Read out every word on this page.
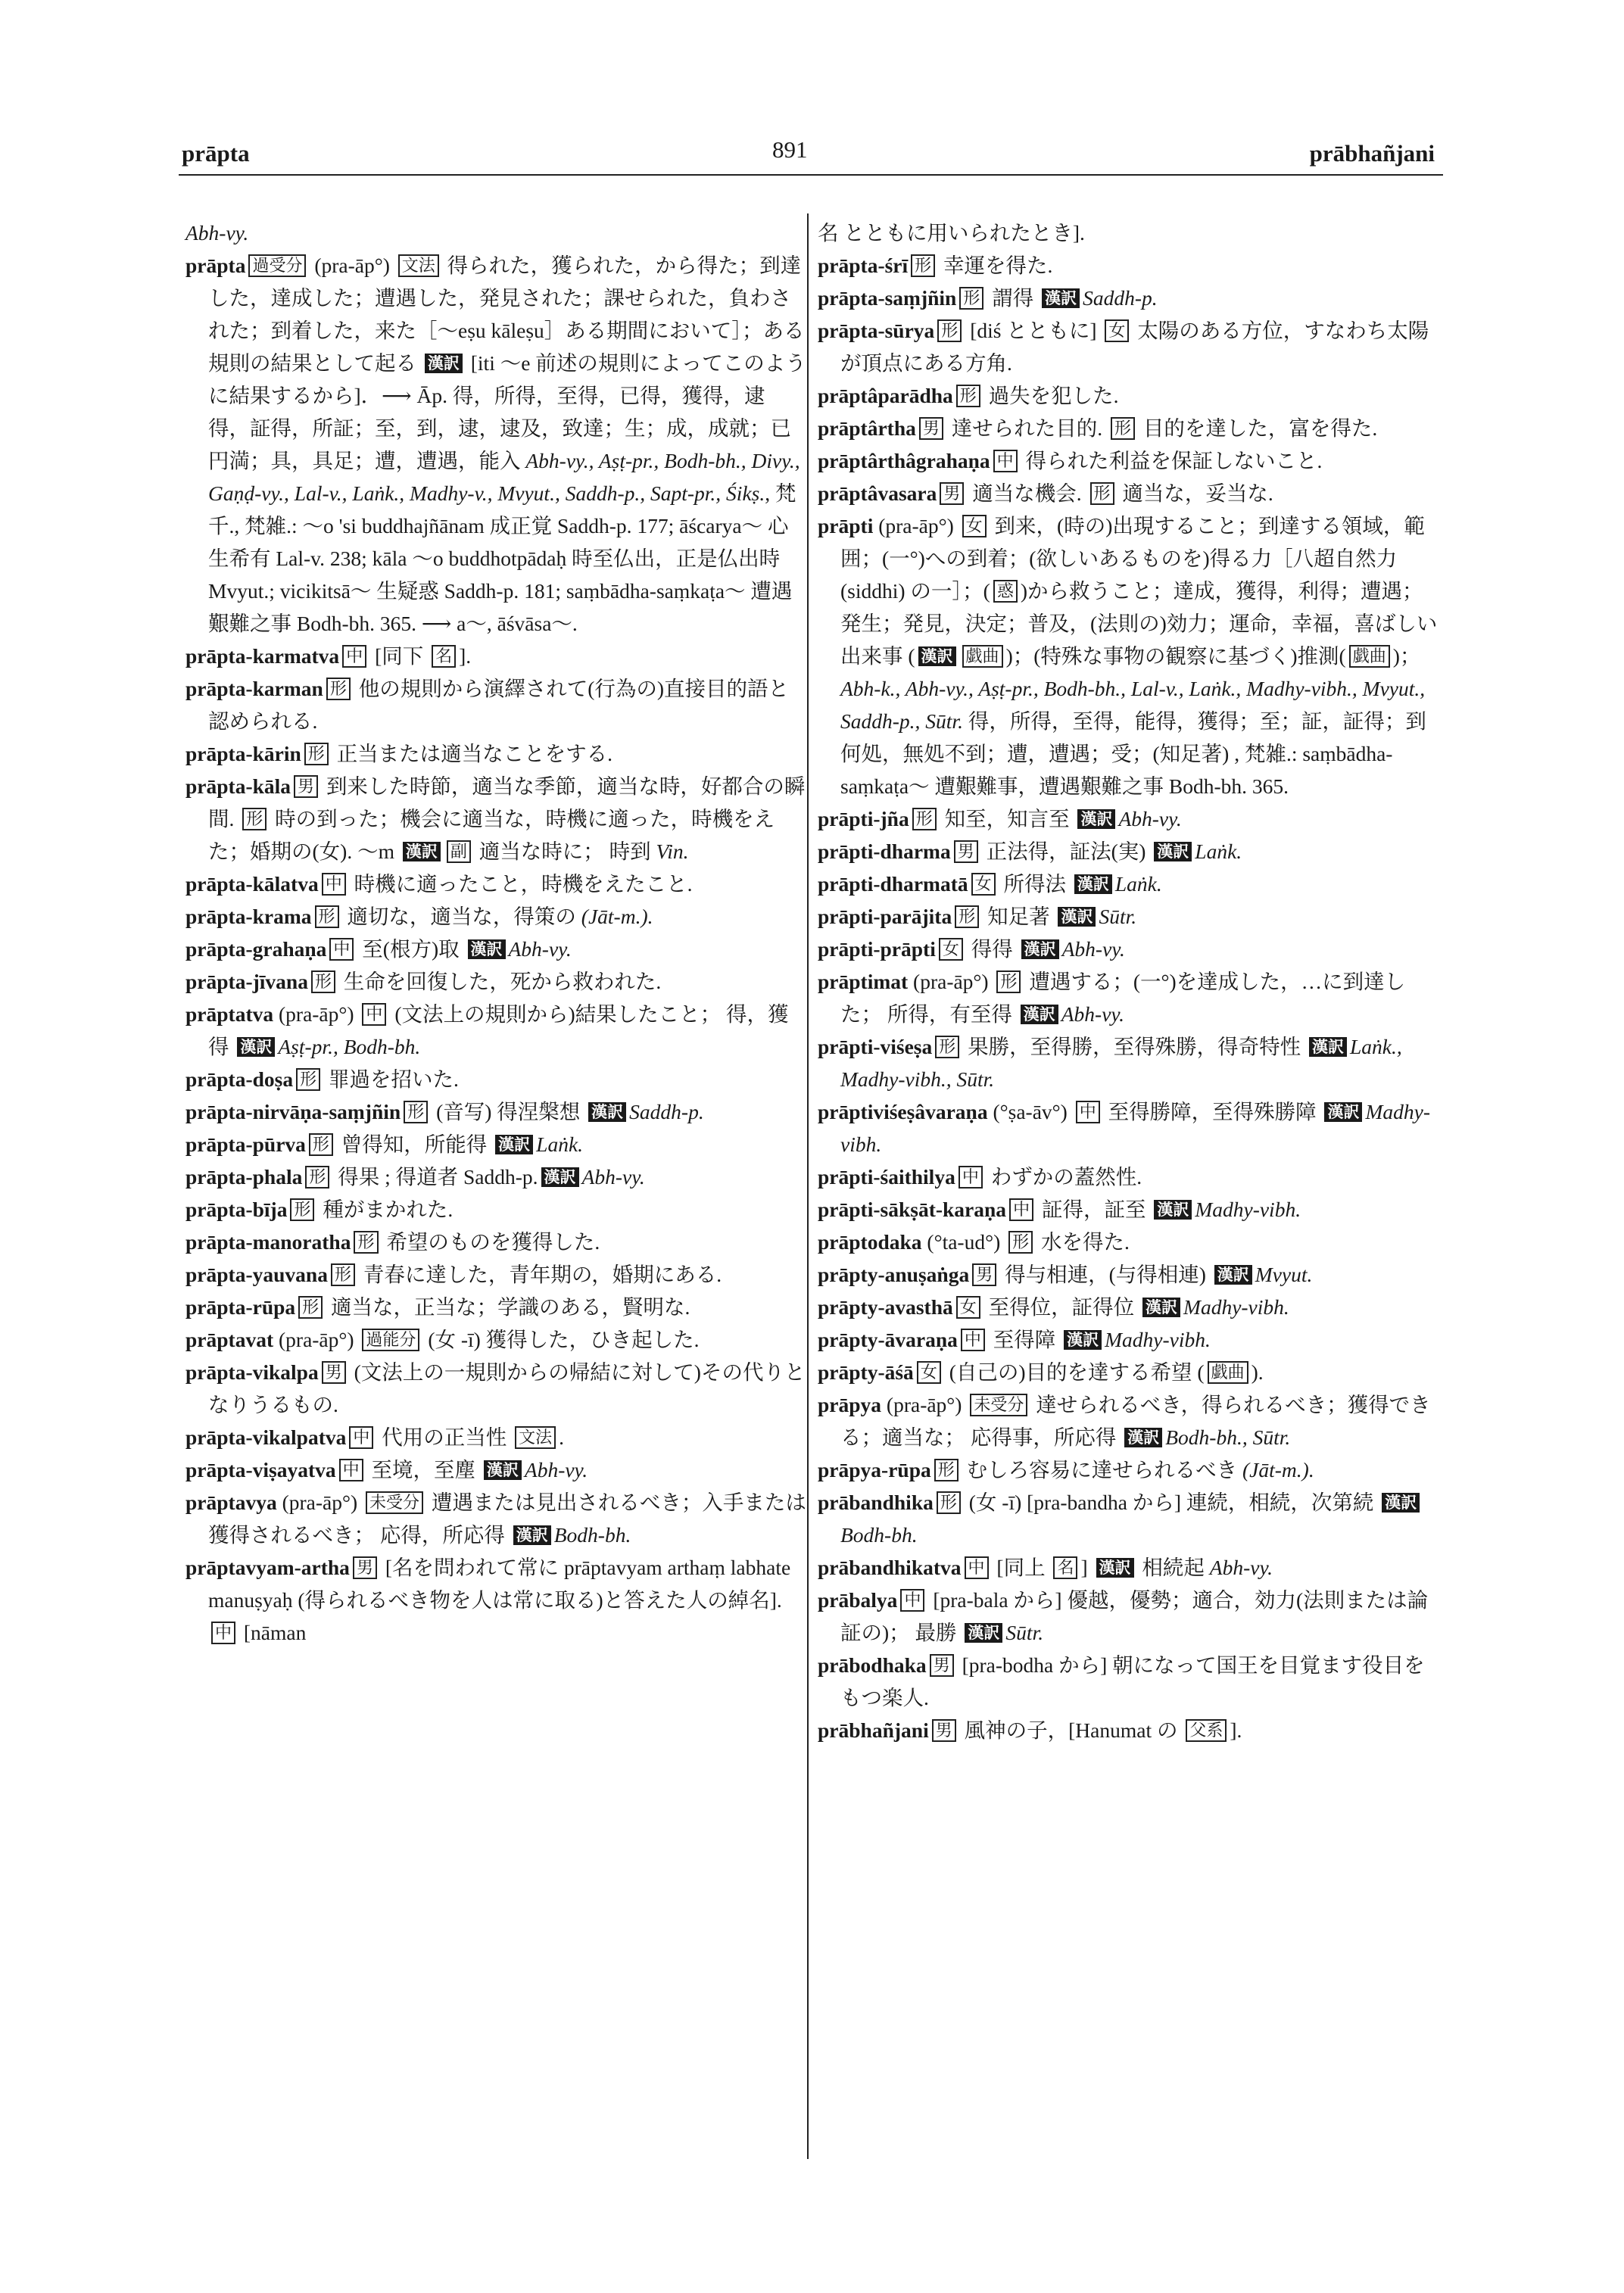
prāpta	891	prābhañjani

Abh-vy.

prāpta 過受分 (pra-āp°) 文法 得られた，獲られた，から得た；到達した，達成した；遭遇した，発見された；課せられた，負わされた；到着した，来た［～eṣu kāleṣu］ある期間において］；ある規則の結果として起る 漢訳 [iti ～e 前述の規則によってこのように結果するから]．⟶ Āp. 得，所得，至得，已得，獲得，逮得，証得，所証；至，到，逮，逮及，致達；生；成，成就；已円満；具，具足；遭，遭遇，能入 Abh-vy., Aṣṭ-pr., Bodh-bh., Divy., Gaṇḍ-vy., Lal-v., Laṅk., Madhy-v., Mvyut., Saddh-p., Sapt-pr., Śikṣ., 梵千., 梵雑.: ～o 'si buddhajñānam 成正覚 Saddh-p. 177; āścarya～ 心生希有 Lal-v. 238; kāla ～o buddhotpādaḥ 時至仏出，正是仏出時 Mvyut.; vicikitsā～ 生疑惑 Saddh-p. 181; saṃbādha-saṃkaṭa～ 遭遇艱難之事 Bodh-bh. 365. ⟶ a～, āśvāsa～.

prāpta-karmatva 中 [同下 名 ].

prāpta-karman 形 他の規則から演繹されて(行為の)直接目的語と認められる.

prāpta-kārin 形 正当または適当なことをする.

prāpta-kāla 男 到来した時節，適当な季節，適当な時，好都合の瞬間. 形 時の到った；機会に適当な，時機に適った，時機をえた；婚期の(女). ～m 漢訳 副 適当な時に； 時到 Vin.

prāpta-kālatva 中 時機に適ったこと，時機をえたこと.

prāpta-krama 形 適切な，適当な，得策の (Jāt-m.).

prāpta-grahaṇa 中 至(根方)取 漢訳 Abh-vy.

prāpta-jīvana 形 生命を回復した，死から救われた.

prāptatva (pra-āp°) 中 (文法上の規則から)結果したこと； 得，獲得 漢訳 Aṣṭ-pr., Bodh-bh.

prāpta-doṣa 形 罪過を招いた.

prāpta-nirvāṇa-saṃjñin 形 (音写) 得涅槃想 漢訳 Saddh-p.

prāpta-pūrva 形 曾得知，所能得 漢訳 Laṅk.

prāpta-phala 形 得果 ; 得道者 Saddh-p. 漢訳 Abh-vy.

prāpta-bīja 形 種がまかれた.

prāpta-manoratha 形 希望のものを獲得した.

prāpta-yauvana 形 青春に達した，青年期の，婚期にある.

prāpta-rūpa 形 適当な，正当な；学識のある，賢明な.

prāptavat (pra-āp°) 過能分 (女 -ī) 獲得した，ひき起した.

prāpta-vikalpa 男 (文法上の一規則からの帰結に対して)その代りとなりうるもの.

prāpta-vikalpatva 中 代用の正当性 文法 .

prāpta-viṣayatva 中 至境，至塵 漢訳 Abh-vy.

prāptavya (pra-āp°) 未受分 遭遇または見出されるべき；入手または獲得されるべき； 応得，所応得 漢訳 Bodh-bh.

prāptavyam-artha 男 [名を問われて常に prāptavyam arthaṃ labhate manuṣyaḥ (得られるべき物を人は常に取る)と答えた人の綽名]. 中 [nāman

名 とともに用いられたとき].

prāpta-śrī 形 幸運を得た.

prāpta-saṃjñin 形 謂得 漢訳 Saddh-p.

prāpta-sūrya 形 [diś とともに] 女 太陽のある方位，すなわち太陽が頂点にある方角.

prāptâparādha 形 過失を犯した.

prāptârtha 男 達せられた目的. 形 目的を達した，富を得た.

prāptârthâgrahaṇa 中 得られた利益を保証しないこと.

prāptâvasara 男 適当な機会. 形 適当な，妥当な.

prāpti (pra-āp°) 女 到来，(時の)出現すること；到達する領域，範囲；(一°)への到着；(欲しいあるものを)得る力［八超自然力 (siddhi) の一］；( 惑 )から救うこと；達成，獲得，利得；遭遇；発生；発見，決定；普及，(法則の)効力；運命，幸福，喜ばしい出来事 ( 漢訳 戯曲 )；(特殊な事物の観察に基づく)推測( 戯曲 )；Abh-k., Abh-vy., Aṣṭ-pr., Bodh-bh., Lal-v., Laṅk., Madhy-vibh., Mvyut., Saddh-p., Sūtr. 得，所得，至得，能得，獲得；至；証，証得；到何処，無処不到；遭，遭遇；受；(知足著) , 梵雑.: saṃbādha-saṃkaṭa～ 遭艱難事，遭遇艱難之事 Bodh-bh. 365.

prāpti-jña 形 知至，知言至 漢訳 Abh-vy.

prāpti-dharma 男 正法得，証法(実) 漢訳 Laṅk.

prāpti-dharmatā 女 所得法 漢訳 Laṅk.

prāpti-parājita 形 知足著 漢訳 Sūtr.

prāpti-prāpti 女 得得 漢訳 Abh-vy.

prāptimat (pra-āp°) 形 遭遇する；(一°)を達成した，…に到達した； 所得，有至得 漢訳 Abh-vy.

prāpti-viśeṣa 形 果勝，至得勝，至得殊勝，得奇特性 漢訳 Laṅk., Madhy-vibh., Sūtr.

prāptiviśeṣâvaraṇa (°ṣa-āv°) 中 至得勝障，至得殊勝障 漢訳 Madhy-vibh.

prāpti-śaithilya 中 わずかの蓋然性.

prāpti-sākṣāt-karaṇa 中 証得，証至 漢訳 Madhy-vibh.

prāptodaka (°ta-ud°) 形 水を得た.

prāpty-anuṣaṅga 男 得与相連，(与得相連) 漢訳 Mvyut.

prāpty-avasthā 女 至得位，証得位 漢訳 Madhy-vibh.

prāpty-āvaraṇa 中 至得障 漢訳 Madhy-vibh.

prāpty-āśā 女 (自己の)目的を達する希望 ( 戯曲 ).

prāpya (pra-āp°) 未受分 達せられるべき，得られるべき；獲得できる；適当な； 応得事，所応得 漢訳 Bodh-bh., Sūtr.

prāpya-rūpa 形 むしろ容易に達せられるべき (Jāt-m.).

prābandhika 形 (女 -ī) [pra-bandha から] 連続，相続，次第続 漢訳Bodh-bh.

prābandhikatva 中 [同上 名 ] 漢訳 相続起 Abh-vy.

prābalya 中 [pra-bala から] 優越，優勢；適合，効力(法則または論証の)； 最勝 漢訳 Sūtr.

prābodhaka 男 [pra-bodha から] 朝になって国王を目覚ます役目をもつ楽人.

prābhañjani 男 風神の子，[Hanumat の 父系 ].
